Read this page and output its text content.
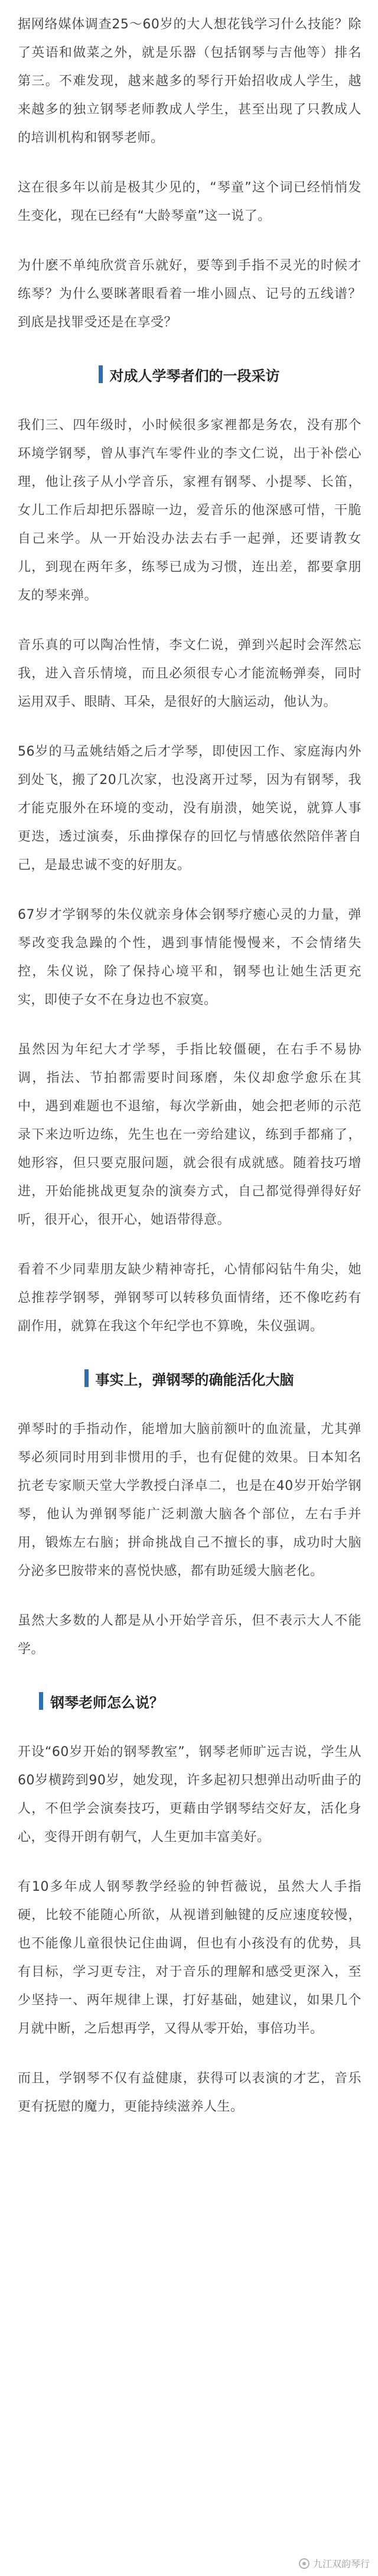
据网络媒体调查25～60岁的大人想花钱学习什么技能？除了英语和做菜之外，就是乐器（包括钢琴与吉他等）排名第三。不难发现，越来越多的琴行开始招收成人学生，越来越多的独立钢琴老师教成人学生，甚至出现了只教成人的培训机构和钢琴老师。

这在很多年以前是极其少见的，“琴童”这个词已经悄悄发生变化，现在已经有“大龄琴童”这一说了。

为什麽不单纯欣赏音乐就好，要等到手指不灵光的时候才练琴？为什么要眯著眼看着一堆小圆点、记号的五线谱？到底是找罪受还是在享受？

对成人学琴者们的一段采访

我们三、四年级时，小时候很多家裡都是务农，没有那个环境学钢琴，曾从事汽车零件业的李文仁说，出于补偿心理，他让孩子从小学音乐，家裡有钢琴、小提琴、长笛，女儿工作后却把乐器晾一边，爱音乐的他深感可惜，干脆自己来学。从一开始没办法去右手一起弹，还要请教女儿，到现在两年多，练琴已成为习惯，连出差，都要拿朋友的琴来弹。

音乐真的可以陶冶性情，李文仁说，弹到兴起时会浑然忘我，进入音乐情境，而且必须很专心才能流畅弹奏，同时运用双手、眼睛、耳朵，是很好的大脑运动，他认为。

56岁的马孟姚结婚之后才学琴，即使因工作、家庭海内外到处飞，搬了20几次家，也没离开过琴，因为有钢琴，我才能克服外在环境的变动，没有崩溃，她笑说，就算人事更迭，透过演奏，乐曲撑保存的回忆与情感依然陪伴著自己，是最忠诚不变的好朋友。

67岁才学钢琴的朱仪就亲身体会钢琴疗癒心灵的力量，弹琴改变我急躁的个性，遇到事情能慢慢来，不会情绪失控，朱仪说，除了保持心境平和，钢琴也让她生活更充实，即使子女不在身边也不寂寞。

虽然因为年纪大才学琴，手指比较僵硬，在右手不易协调，指法、节拍都需要时间琢磨，朱仪却愈学愈乐在其中，遇到难题也不退缩，每次学新曲，她会把老师的示范录下来边听边练，先生也在一旁给建议，练到手都痛了，她形容，但只要克服问题，就会很有成就感。随着技巧增进，开始能挑战更复杂的演奏方式，自己都觉得弹得好好听，很开心，很开心，她语带得意。

看着不少同辈朋友缺少精神寄托，心情郁闷钻牛角尖，她总推荐学钢琴，弹钢琴可以转移负面情绪，还不像吃药有副作用，就算在我这个年纪学也不算晚，朱仪强调。

事实上，弹钢琴的确能活化大脑

弹琴时的手指动作，能增加大脑前额叶的血流量，尤其弹琴必须同时用到非惯用的手，也有促健的效果。日本知名抗老专家顺天堂大学教授白泽卓二，也是在40岁开始学钢琴，他认为弹钢琴能广泛刺激大脑各个部位，左右手并用，锻炼左右脑；拼命挑战自己不擅长的事，成功时大脑分泌多巴胺带来的喜悦快感，都有助延缓大脑老化。

虽然大多数的人都是从小开始学音乐，但不表示大人不能学。

钢琴老师怎么说？

开设“60岁开始的钢琴教室”，钢琴老师旷远吉说，学生从60岁横跨到90岁，她发现，许多起初只想弹出动听曲子的人，不但学会演奏技巧，更藉由学钢琴结交好友，活化身心，变得开朗有朝气，人生更加丰富美好。

有10多年成人钢琴教学经验的钟哲薇说，虽然大人手指硬，比较不能随心所欲，从视谱到触键的反应速度较慢，也不能像儿童很快记住曲调，但也有小孩没有的优势，具有目标，学习更专注，对于音乐的理解和感受更深入，至少坚持一、两年规律上课，打好基础，她建议，如果几个月就中断，之后想再学，又得从零开始，事倍功半。

而且，学钢琴不仅有益健康，获得可以表演的才艺，音乐更有抚慰的魔力，更能持续滋养人生。

九江双韵琴行
